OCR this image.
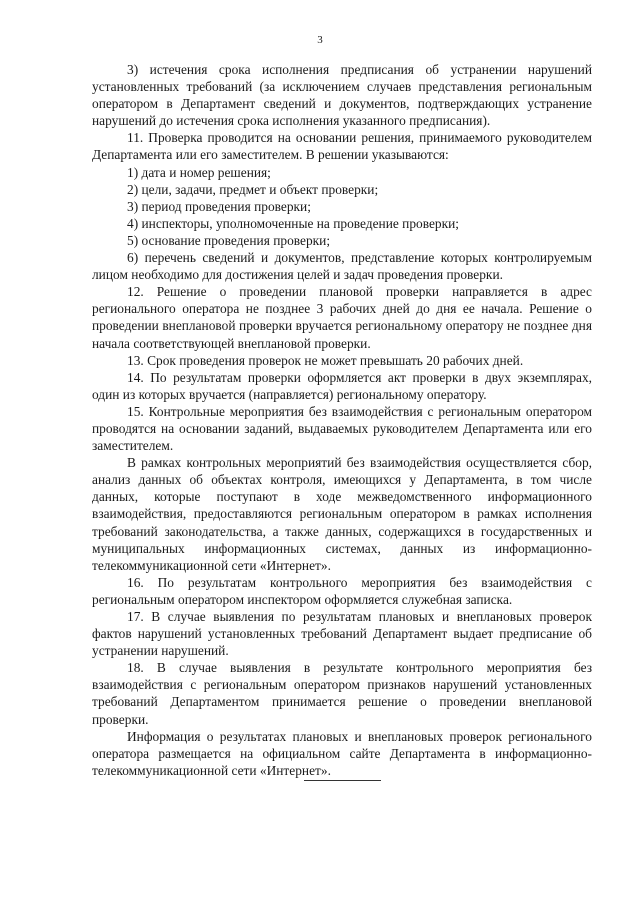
3

3) истечения срока исполнения предписания об устранении нарушений установленных требований (за исключением случаев представления региональным оператором в Департамент сведений и документов, подтверждающих устранение нарушений до истечения срока исполнения указанного предписания).

11. Проверка проводится на основании решения, принимаемого руководителем Департамента или его заместителем. В решении указываются:

1) дата и номер решения;

2) цели, задачи, предмет и объект проверки;

3) период проведения проверки;

4) инспекторы, уполномоченные на проведение проверки;

5) основание проведения проверки;

6) перечень сведений и документов, представление которых контролируемым лицом необходимо для достижения целей и задач проведения проверки.

12. Решение о проведении плановой проверки направляется в адрес регионального оператора не позднее 3 рабочих дней до дня ее начала. Решение о проведении внеплановой проверки вручается региональному оператору не позднее дня начала соответствующей внеплановой проверки.

13. Срок проведения проверок не может превышать 20 рабочих дней.

14. По результатам проверки оформляется акт проверки в двух экземплярах, один из которых вручается (направляется) региональному оператору.

15. Контрольные мероприятия без взаимодействия с региональным оператором проводятся на основании заданий, выдаваемых руководителем Департамента или его заместителем.

В рамках контрольных мероприятий без взаимодействия осуществляется сбор, анализ данных об объектах контроля, имеющихся у Департамента, в том числе данных, которые поступают в ходе межведомственного информационного взаимодействия, предоставляются региональным оператором в рамках исполнения требований законодательства, а также данных, содержащихся в государственных и муниципальных информационных системах, данных из информационно-телекоммуникационной сети «Интернет».

16. По результатам контрольного мероприятия без взаимодействия с региональным оператором инспектором оформляется служебная записка.

17. В случае выявления по результатам плановых и внеплановых проверок фактов нарушений установленных требований Департамент выдает предписание об устранении нарушений.

18. В случае выявления в результате контрольного мероприятия без взаимодействия с региональным оператором признаков нарушений установленных требований Департаментом принимается решение о проведении внеплановой проверки.

Информация о результатах плановых и внеплановых проверок регионального оператора размещается на официальном сайте Департамента в информационно-телекоммуникационной сети «Интернет».
